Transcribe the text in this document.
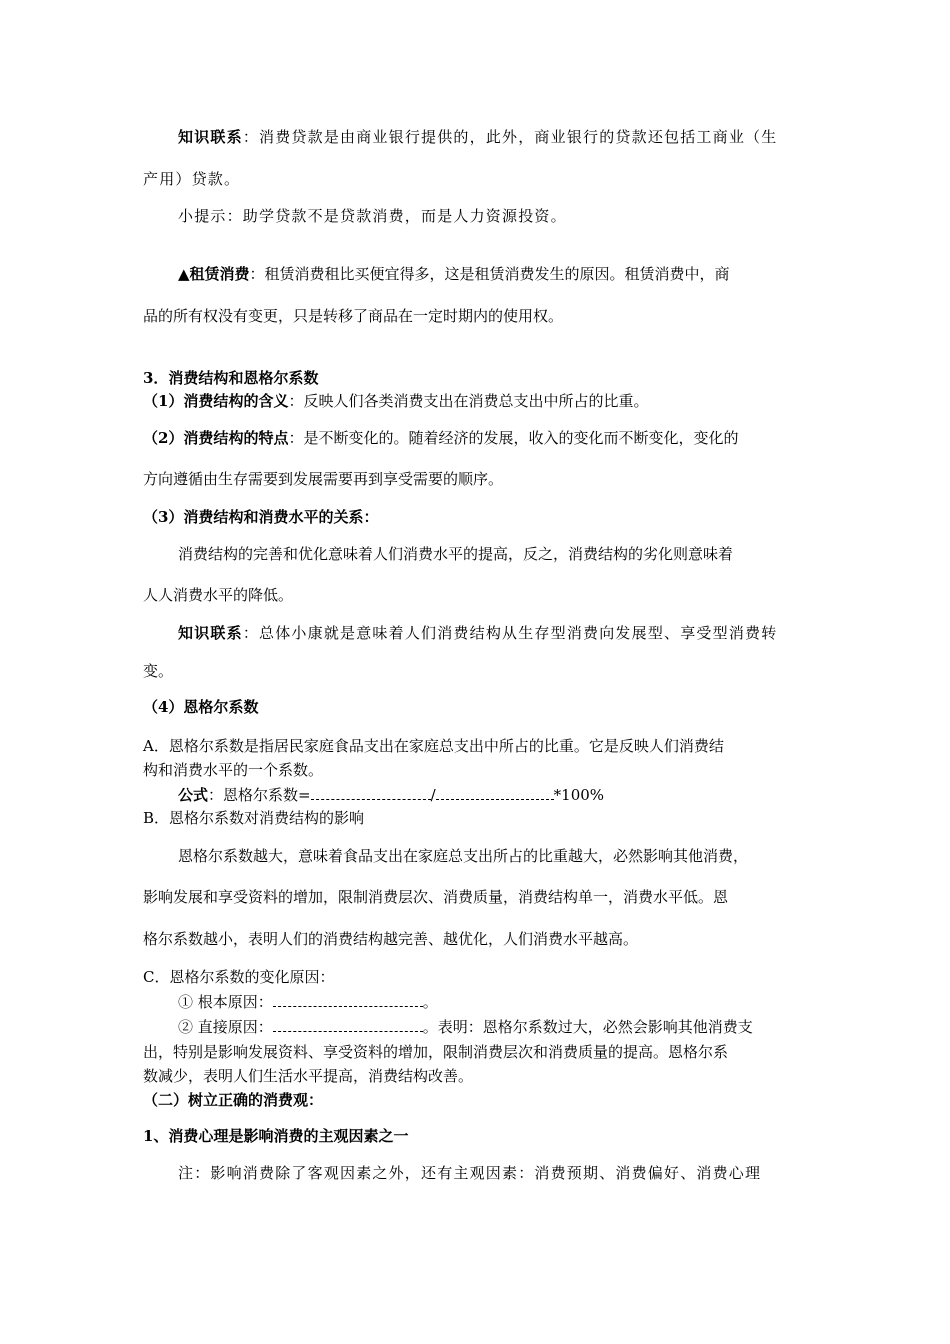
知识联系：消费贷款是由商业银行提供的，此外，商业银行的贷款还包括工商业（生
产用）贷款。
小提示：助学贷款不是贷款消费，而是人力资源投资。
▲租赁消费：租赁消费租比买便宜得多，这是租赁消费发生的原因。租赁消费中，商
品的所有权没有变更，只是转移了商品在一定时期内的使用权。
3．消费结构和恩格尔系数
（1）消费结构的含义：反映人们各类消费支出在消费总支出中所占的比重。
（2）消费结构的特点：是不断变化的。随着经济的发展，收入的变化而不断变化，变化的
方向遵循由生存需要到发展需要再到享受需要的顺序。
（3）消费结构和消费水平的关系：
消费结构的完善和优化意味着人们消费水平的提高，反之，消费结构的劣化则意味着
人人消费水平的降低。
知识联系：总体小康就是意味着人们消费结构从生存型消费向发展型、享受型消费转
变。
（4）恩格尔系数
A．恩格尔系数是指居民家庭食品支出在家庭总支出中所占的比重。它是反映人们消费结
构和消费水平的一个系数。
公式：恩格尔系数=	/	*100%
B．恩格尔系数对消费结构的影响
恩格尔系数越大，意味着食品支出在家庭总支出所占的比重越大，必然影响其他消费，
影响发展和享受资料的增加，限制消费层次、消费质量，消费结构单一，消费水平低。恩
格尔系数越小，表明人们的消费结构越完善、越优化，人们消费水平越高。
C．恩格尔系数的变化原因：
① 根本原因：	。
② 直接原因：	。表明：恩格尔系数过大，必然会影响其他消费支
出，特别是影响发展资料、享受资料的增加，限制消费层次和消费质量的提高。恩格尔系
数减少，表明人们生活水平提高，消费结构改善。
（二）树立正确的消费观：
1、消费心理是影响消费的主观因素之一
注：影响消费除了客观因素之外，还有主观因素：消费预期、消费偏好、消费心理
